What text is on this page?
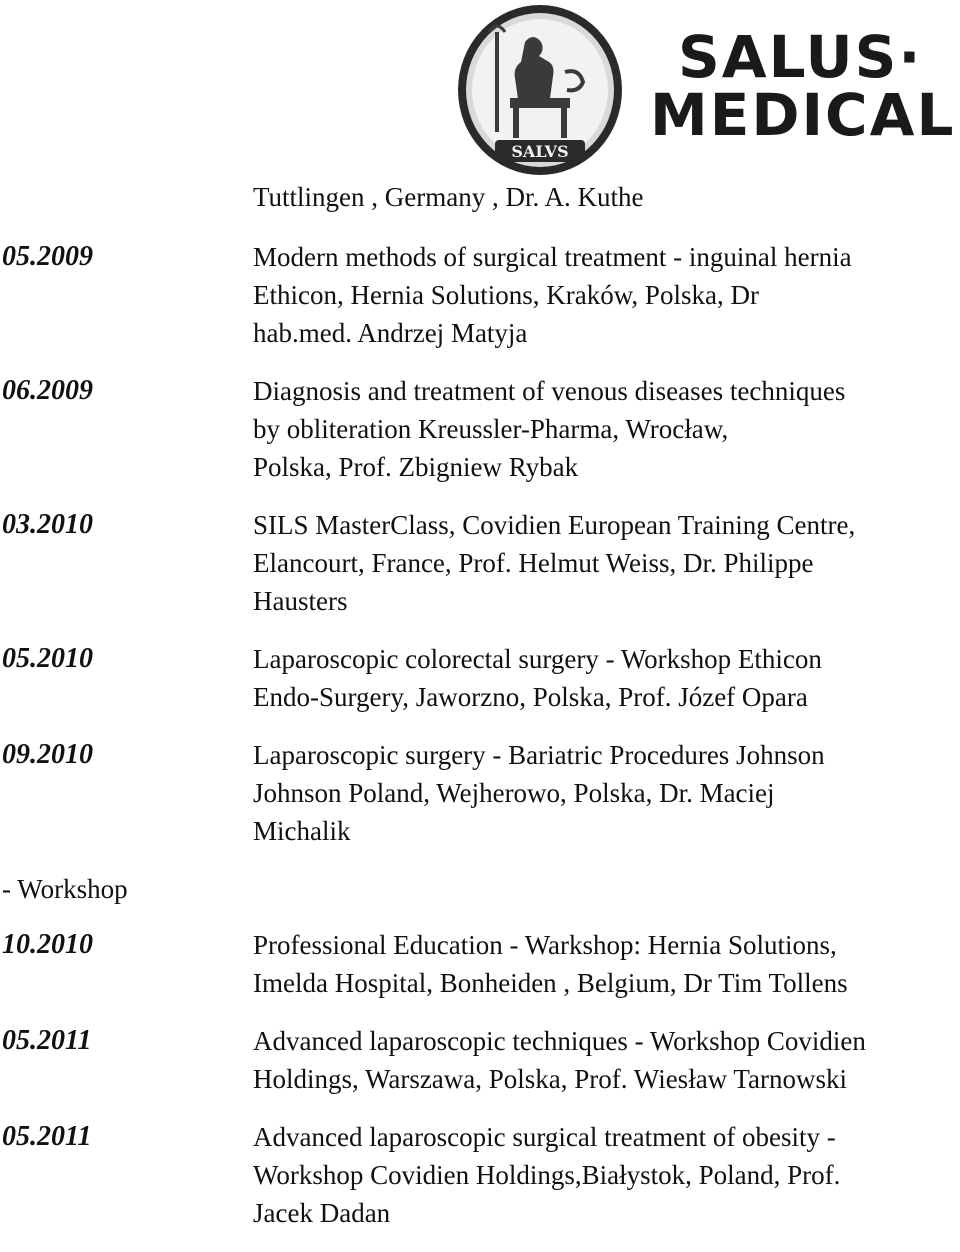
SALVS
SALUS·
MEDICAL
Tuttlingen , Germany , Dr. A. Kuthe
05.2009	Modern methods of surgical treatment - inguinal hernia
Ethicon, Hernia Solutions, Kraków, Polska, Dr
hab.med. Andrzej Matyja
06.2009	Diagnosis and treatment of venous diseases techniques
by obliteration Kreussler-Pharma, Wrocław,
Polska, Prof. Zbigniew Rybak
03.2010	SILS MasterClass, Covidien European Training Centre,
Elancourt, France, Prof. Helmut Weiss, Dr. Philippe
Hausters
05.2010	Laparoscopic colorectal surgery - Workshop Ethicon
Endo-Surgery, Jaworzno, Polska, Prof. Józef Opara
09.2010	Laparoscopic surgery - Bariatric Procedures Johnson
Johnson Poland, Wejherowo, Polska, Dr. Maciej
Michalik
- Workshop
10.2010	Professional Education - Warkshop: Hernia Solutions,
Imelda Hospital, Bonheiden , Belgium, Dr Tim Tollens
05.2011	Advanced laparoscopic techniques - Workshop Covidien
Holdings, Warszawa, Polska, Prof. Wiesław Tarnowski
05.2011	Advanced laparoscopic surgical treatment of obesity -
Workshop Covidien Holdings,Białystok, Poland, Prof.
Jacek Dadan
